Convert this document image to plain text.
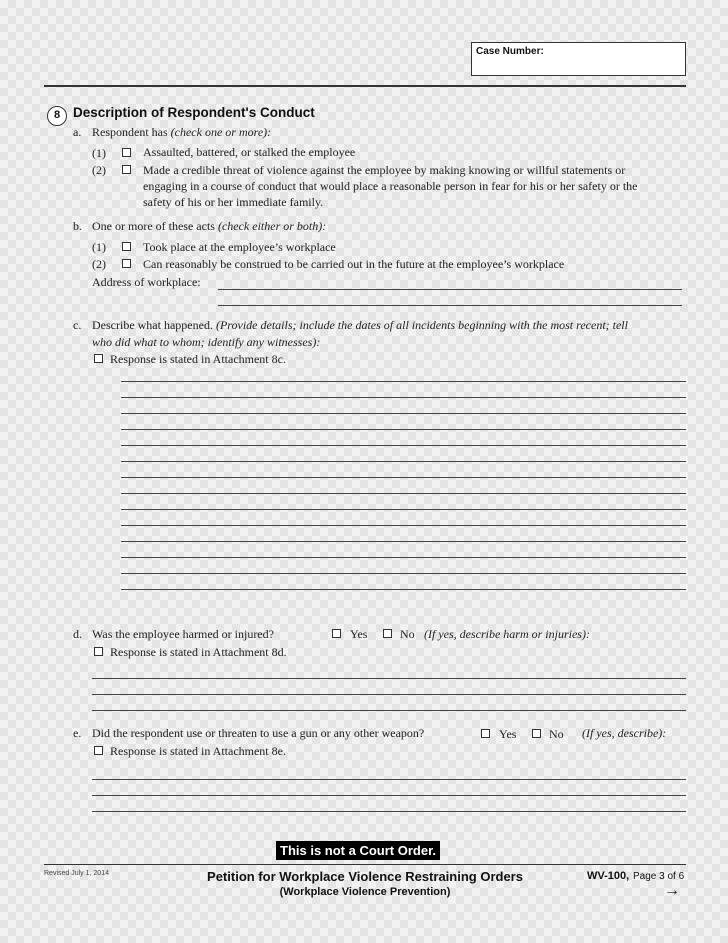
Case Number:
8 Description of Respondent's Conduct
a. Respondent has (check one or more):
(1)	Assaulted, battered, or stalked the employee
(2)	Made a credible threat of violence against the employee by making knowing or willful statements or
engaging in a course of conduct that would place a reasonable person in fear for his or her safety or the
safety of his or her immediate family.
b. One or more of these acts (check either or both):
(1)	Took place at the employee’s workplace
(2)	Can reasonably be construed to be carried out in the future at the employee’s workplace
Address of workplace:
c. Describe what happened. (Provide details; include the dates of all incidents beginning with the most recent; tell
who did what to whom; identify any witnesses):
Response is stated in Attachment 8c.
d. Was the employee harmed or injured?	Yes	No (If yes, describe harm or injuries):
Response is stated in Attachment 8d.
e. Did the respondent use or threaten to use a gun or any other weapon?	Yes	No (If yes, describe):
Response is stated in Attachment 8e.
This is not a Court Order.
Revised July 1, 2014	Petition for Workplace Violence Restraining Orders
(Workplace Violence Prevention)
WV-100, Page 3 of 6
→
